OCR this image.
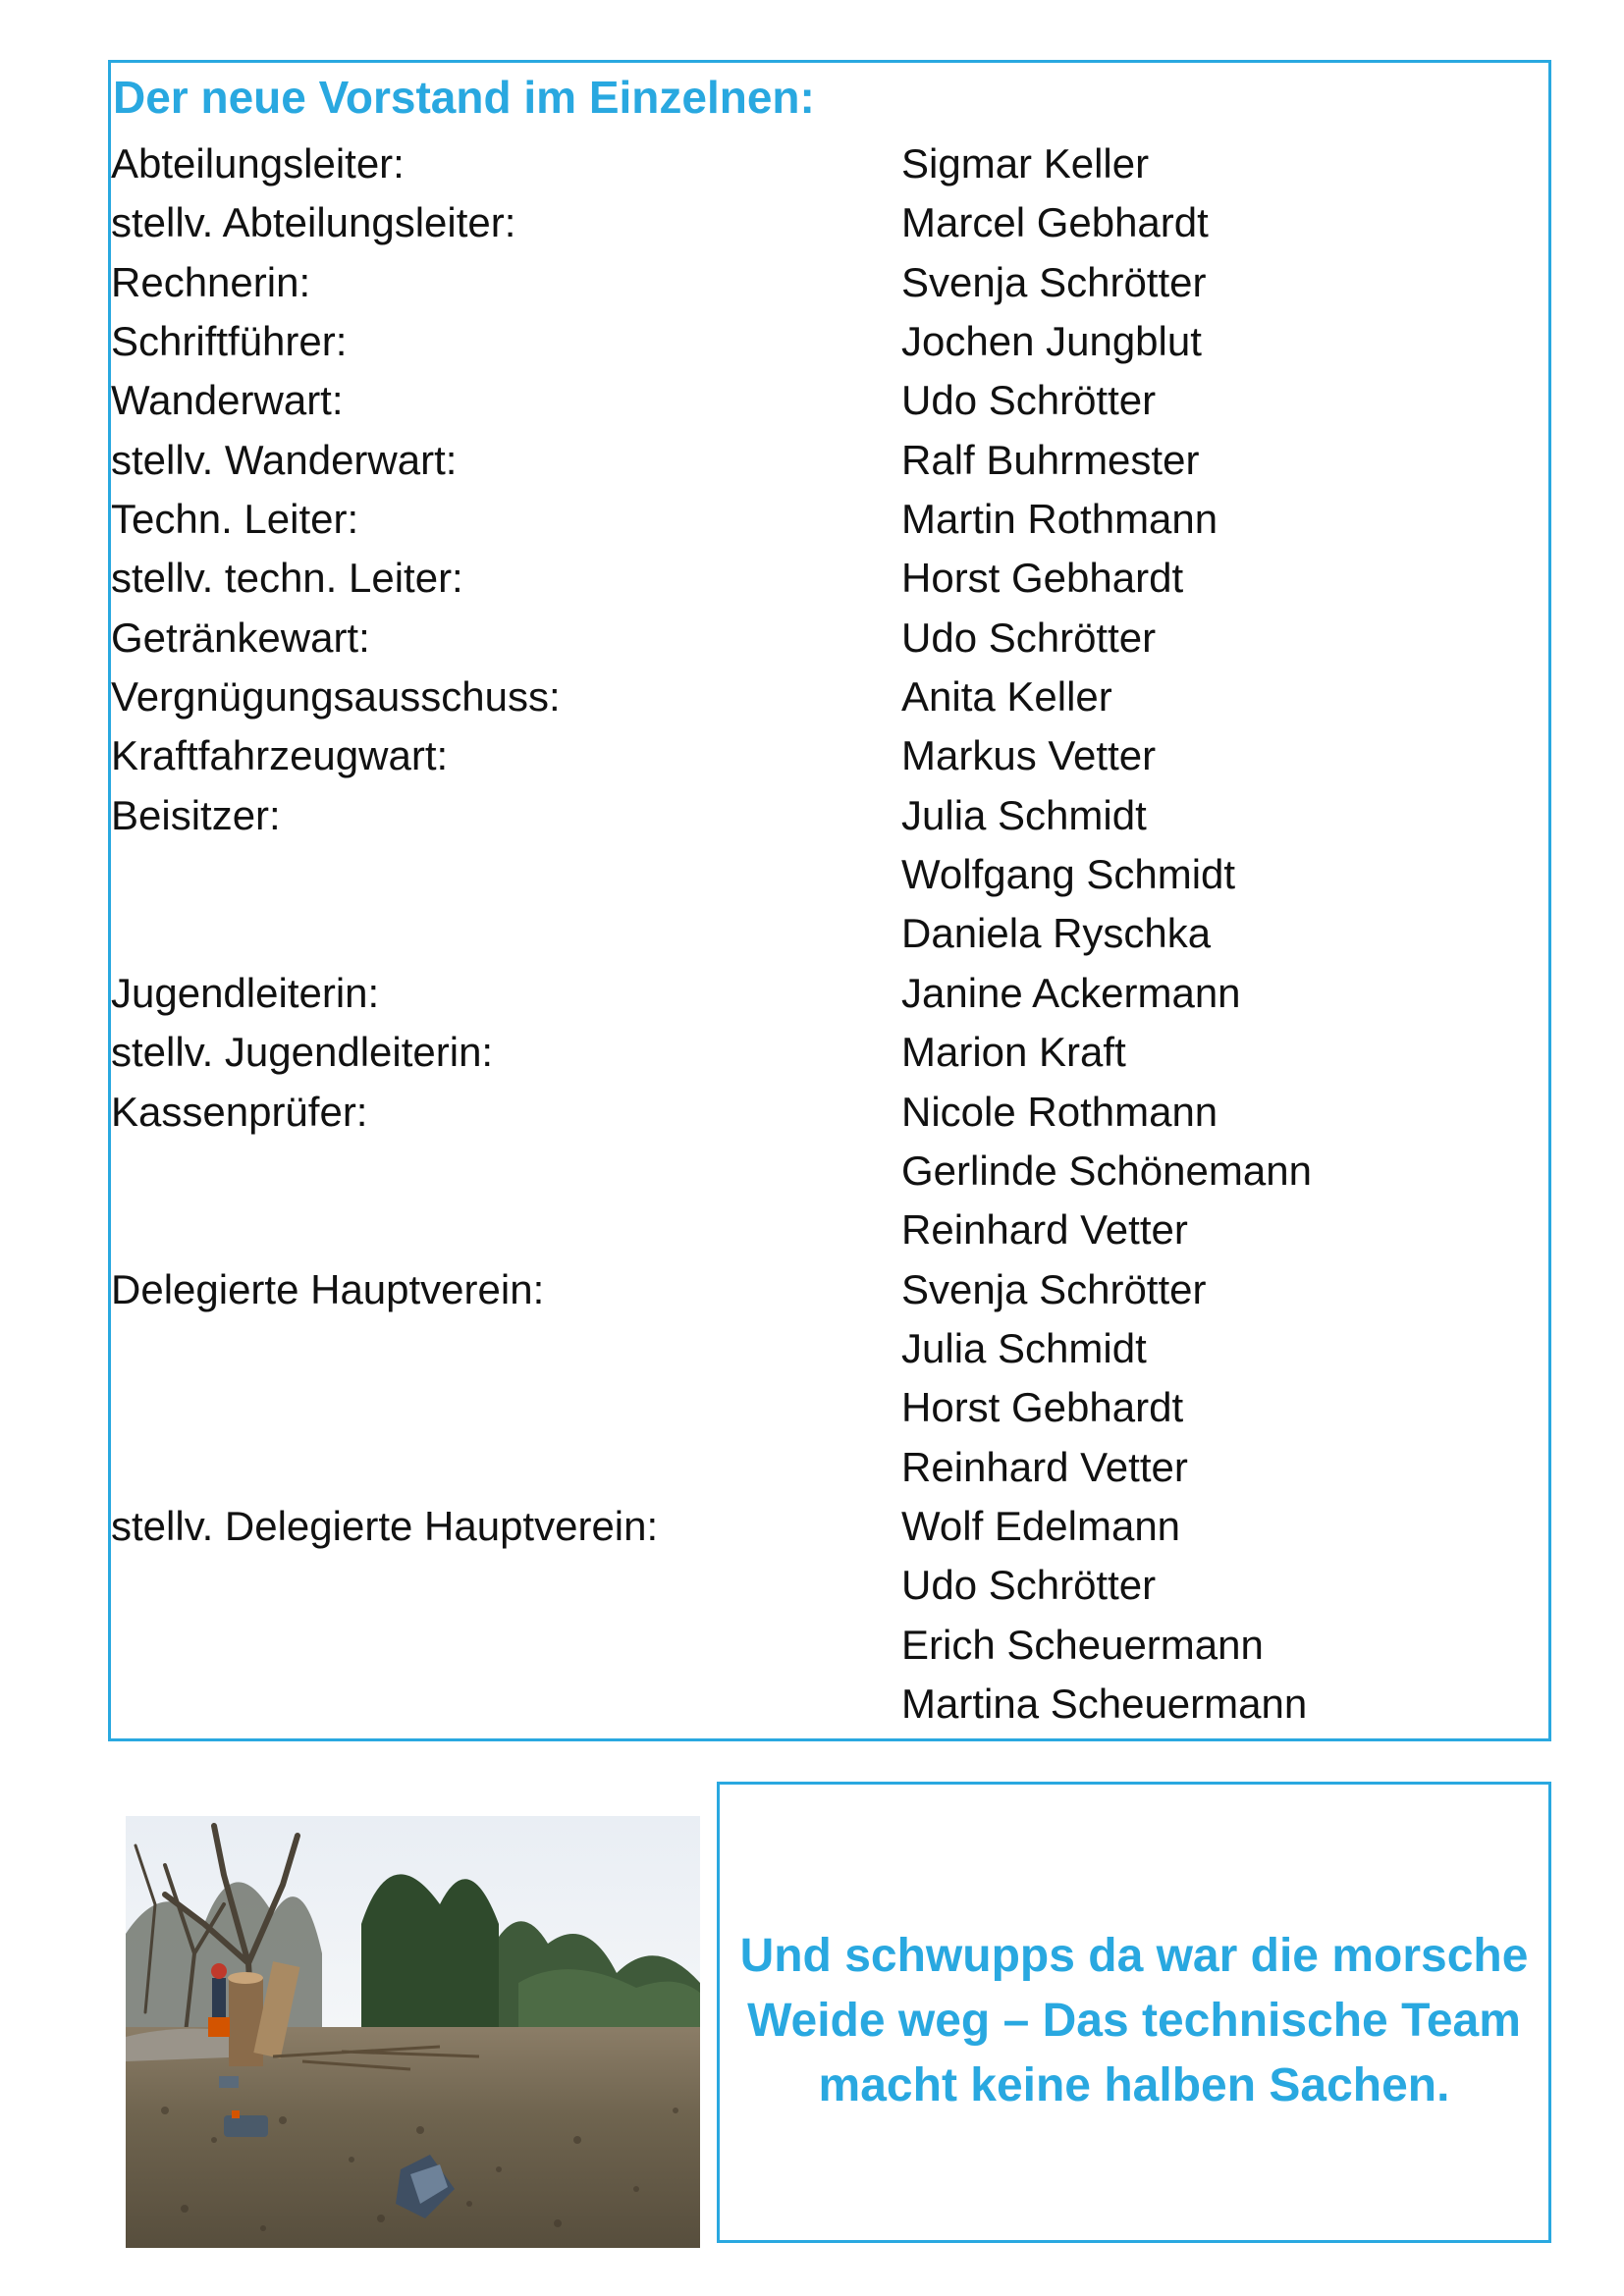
Der neue Vorstand im Einzelnen:
Abteilungsleiter:	Sigmar Keller
stellv. Abteilungsleiter:	Marcel Gebhardt
Rechnerin:	Svenja Schrötter
Schriftführer:	Jochen Jungblut
Wanderwart:	Udo Schrötter
stellv. Wanderwart:	Ralf Buhrmester
Techn. Leiter:	Martin Rothmann
stellv. techn. Leiter:	Horst Gebhardt
Getränkewart:	Udo Schrötter
Vergnügungsausschuss:	Anita Keller
Kraftfahrzeugwart:	Markus Vetter
Beisitzer:	Julia Schmidt
Wolfgang Schmidt
Daniela Ryschka
Jugendleiterin:	Janine Ackermann
stellv. Jugendleiterin:	Marion Kraft
Kassenprüfer:	Nicole Rothmann
Gerlinde Schönemann
Reinhard Vetter
Delegierte Hauptverein:	Svenja Schrötter
Julia Schmidt
Horst Gebhardt
Reinhard Vetter
stellv. Delegierte Hauptverein:	Wolf Edelmann
Udo Schrötter
Erich Scheuermann
Martina Scheuermann

Und schwupps da war die morsche
Weide weg – Das technische Team
macht keine halben Sachen.
